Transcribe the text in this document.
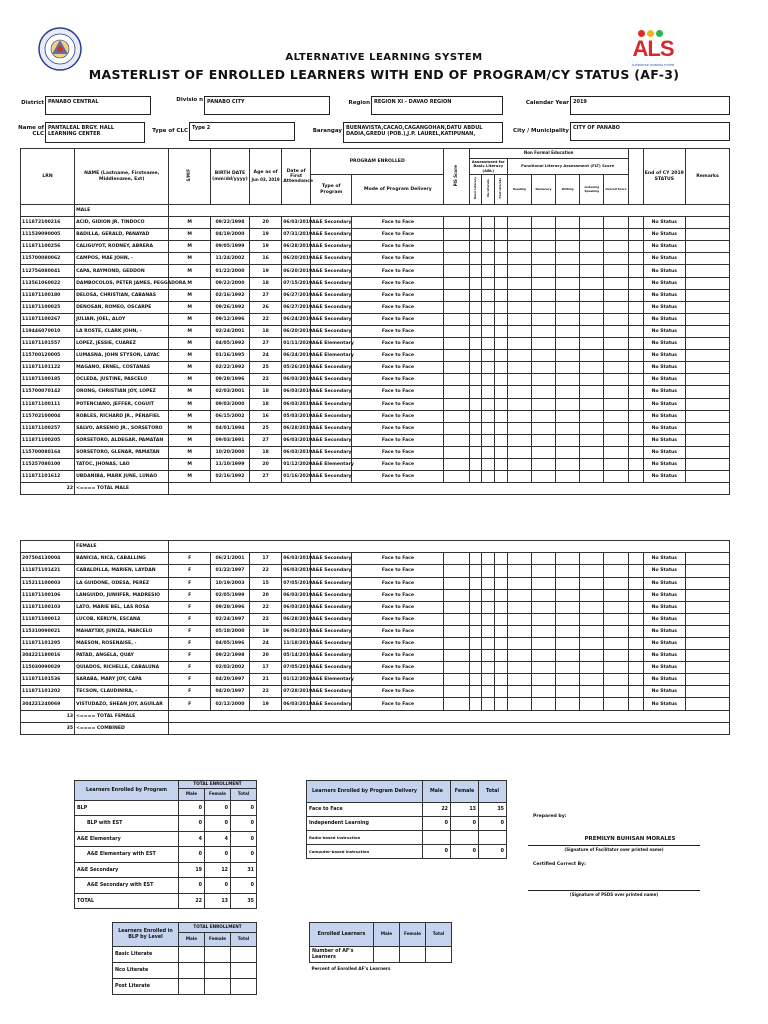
ALTERNATIVE LEARNING SYSTEM
MASTERLIST OF ENROLLED LEARNERS WITH END OF PROGRAM/CY STATUS (AF-3)
ALS
ALTERNATIVE LEARNING SYSTEM
District PANABO CENTRAL	Divisio n PANABO CITY	Region REGION XI - DAVAO REGION	Calendar Year 2019
Name of CLC
PANTALEAL BRGY. HALL LEARNING CENTER	Type of CLC Type 2	Barangay BUENAVISTA,CACAO,CAGANGOHAN,DATU ABDUL DADIA,GREDU (POB.),J.P. LAUREL,KATIPUNAN,	City / Municipality CITY OF PANABO
LRN	NAME (Lastname, Firstname, Middlename, Ext)	S/M/F	BIRTH DATE (mm/dd/yyyy)	Age as of
Jun 03, 2019	Date of First Attendance	PROGRAM ENROLLED		PIS Score	Non Formal Education									End of CY 2019 STATUS	Remarks
									Assessment for Basic Literacy (ABL)			Functional Literacy Assessment (FLT) Score							
						Type of Program	Mode of Program Delivery		Basic Literacy	Nu Literate	Post Literate	Reading	Numeracy	Writing	Listening Speaking	Overall Score			
	MALE																		
111872100216	ACID, GIDION JR. TINDOCO	M	09/22/1998	20	06/03/2019	A&E Secondary	Face to Face											No Status	
111539090005	BADILLA, GERALD, PANAYAD	M	04/19/2000	19	07/31/2019	A&E Secondary	Face to Face											No Status	
111871100256	CALIGUYOT, RODNEY, ABRERA	M	09/05/1999	19	06/28/2019	A&E Secondary	Face to Face											No Status	
115700080062	CAMPOS, MAE JOHN, -	M	11/24/2002	16	06/20/2019	A&E Secondary	Face to Face											No Status	
112756080041	CAPA, RAYMOND, GEDDON	M	01/22/2000	19	06/20/2019	A&E Secondary	Face to Face											No Status	
113561060022	DAMBOCOLOS, PETER JAMES, PEGGADORA	M	09/22/2000	18	07/15/2019	A&E Secondary	Face to Face											No Status	
111871100180	DELOSA, CHRISTIAN, CABANAS	M	02/16/1992	27	06/27/2019	A&E Secondary	Face to Face											No Status	
111871100025	DENOSAN, ROMEO, OSCARPE	M	09/26/1992	26	06/27/2019	A&E Secondary	Face to Face											No Status	
111871100267	JULIAN, JOEL, ALOY	M	09/12/1996	22	06/24/2019	A&E Secondary	Face to Face											No Status	
119446070010	LA ROSTE, CLARK JOHN, -	M	02/24/2001	18	06/20/2019	A&E Secondary	Face to Face											No Status	
111871101557	LOPEZ, JESSIE, CUAREZ	M	04/05/1992	27	01/11/2020	A&E Elementary	Face to Face											No Status	
115700120005	LUMASNA, JOHN STYSON, LAYAC	M	01/16/1995	24	06/24/2019	A&E Elementary	Face to Face											No Status	
111871101122	MAGANO, ERNEL, COSTANAS	M	02/22/1992	25	05/26/2019	A&E Secondary	Face to Face											No Status	
111871100185	OCLEDA, JUSTINE, PASCELO	M	09/28/1996	22	06/03/2019	A&E Secondary	Face to Face											No Status	
115700070142	ORONG, CHRISTIAN JOY, LOPEZ	M	02/03/2001	18	06/03/2019	A&E Secondary	Face to Face											No Status	
111871100111	POTENCIANO, JEFFER, COGUIT	M	09/03/2000	18	06/03/2019	A&E Secondary	Face to Face											No Status	
115702100004	ROBLES, RICHARD JR., PENAFIEL	M	06/15/2002	16	05/03/2019	A&E Secondary	Face to Face											No Status	
111871100257	SALVO, ARSENIO JR., SORSETORO	M	04/01/1994	25	06/28/2019	A&E Secondary	Face to Face											No Status	
111871100205	SORSETORO, ALDEGAR, PAMATAN	M	09/03/1991	27	06/03/2019	A&E Secondary	Face to Face											No Status	
115700080164	SORSETORO, GLENAR, PAMATAN	M	10/20/2000	18	06/03/2019	A&E Secondary	Face to Face											No Status	
115257080100	TATOC, JHONAS, LAO	M	11/10/1999	20	01/12/2020	A&E Elementary	Face to Face											No Status	
111871101612	UBDANIBA, MARK JUNE, LUNAO	M	02/16/1992	27	01/16/2020	A&E Secondary	Face to Face											No Status	
22	<==== TOTAL MALE																		

	FEMALE																		
207504130004	BANICIA, NICA, CABALLING	F	06/21/2001	17	06/03/2019	A&E Secondary	Face to Face											No Status	
111871101421	CABALDILLA, MARIEN, LAYDAN	F	01/22/1997	22	06/03/2019	A&E Secondary	Face to Face											No Status	
115211100003	LA GUIDONE, ODESA, PEREZ	F	10/19/2003	15	07/05/2019	A&E Secondary	Face to Face											No Status	
111871100106	LANGUIDO, JUNIIFER, MADRESIO	F	02/05/1999	20	06/03/2019	A&E Secondary	Face to Face											No Status	
111871100103	LATO, MARIE BEL, LAS ROSA	F	09/28/1996	22	06/03/2019	A&E Secondary	Face to Face											No Status	
111871100012	LUCOB, KERLYN, ESCANA	F	02/24/1997	22	06/28/2019	A&E Secondary	Face to Face											No Status	
115310090021	MAHAYTAY, JUNIZA, MARCELO	F	05/18/2000	19	06/03/2019	A&E Secondary	Face to Face											No Status	
111871101295	MAESON, ROSENAISE, -	F	04/05/1996	24	11/18/2019	A&E Secondary	Face to Face											No Status	
304221180016	PATAD, ANGELA, QUAY	F	09/22/1998	20	05/14/2019	A&E Secondary	Face to Face											No Status	
115030090029	QUIADOS, RICHELLE, CABALUNA	F	02/03/2002	17	07/05/2019	A&E Secondary	Face to Face											No Status	
111871101536	SARABA, MARY JOY, CAPA	F	04/20/1997	21	01/12/2020	A&E Elementary	Face to Face											No Status	
111871101202	TECSON, CLAUDINIRA, -	F	04/20/1997	22	07/28/2019	A&E Secondary	Face to Face											No Status	
304221240069	VISTUDAZO, SHEAN JOY, AGUILAR	F	02/12/2000	19	06/03/2019	A&E Secondary	Face to Face											No Status	
13	<==== TOTAL FEMALE																		
35	<==== COMBINED																		
Learners Enrolled by Program	TOTAL ENROLLMENT		
	Male	Female	Total
BLP	0	0	0
BLP with EST	0	0	0
A&E Elementary	4	4	0
A&E Elementary with EST	0	0	0
A&E Secondary	19	12	31
A&E Secondary with EST	0	0	0
TOTAL	22	13	35
Learners Enrolled by Program Delivery	Male	Female	Total
Face to Face	22	13	35
Independent Learning	0	0	0
Radio-based Instruction			
Computer-based Instruction	0	0	0
Prepared by:
PREMILYN BUHISAN MORALES
(Signature of Facilitator over printed name)
Certified Correct By:
(Signature of PSDS over printed name)
Learners Enrolled in BLP by Level	TOTAL ENROLLMENT		
	Male	Female	Total
Basic Literate			
Nco Literate			
Post Literate			
Enrolled Learners	Male	Female	Total
Number of AF's Learners			
Percent of Enrolled AF's Learners			
